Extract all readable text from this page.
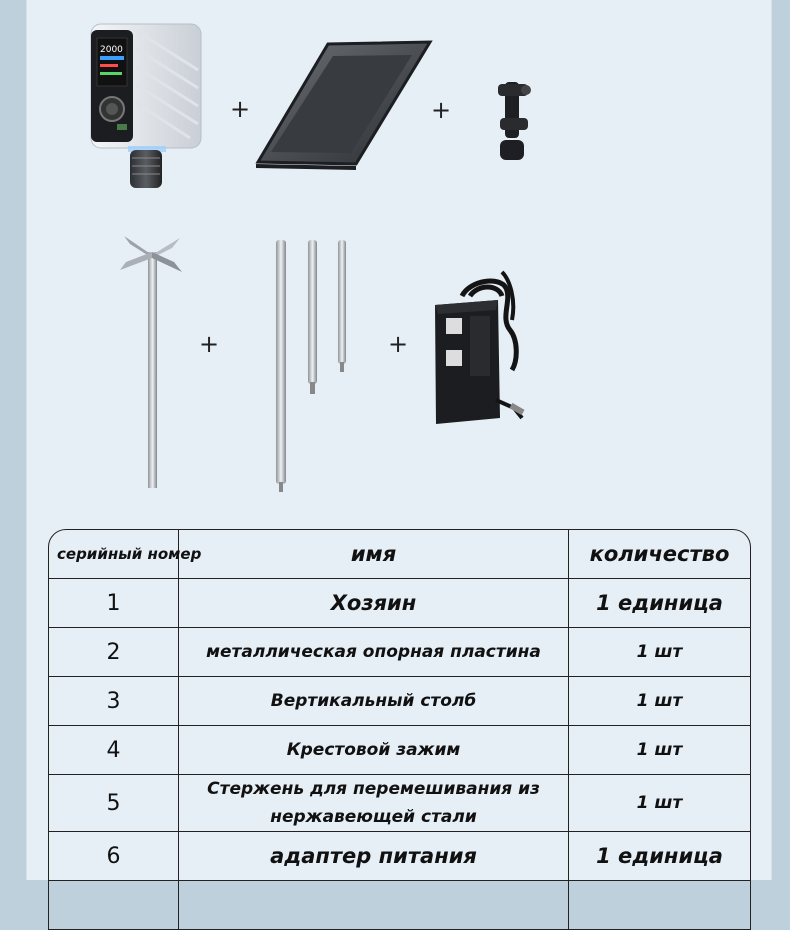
2000
+	+
+	+
серийный номер	имя	количество
1	Хозяин	1 единица
2	металлическая опорная пластина	1 шт
3	Вертикальный столб	1 шт
4	Крестовой зажим	1 шт
5	Стержень для перемешивания из нержавеющей стали	1 шт
6	адаптер питания	1 единица
